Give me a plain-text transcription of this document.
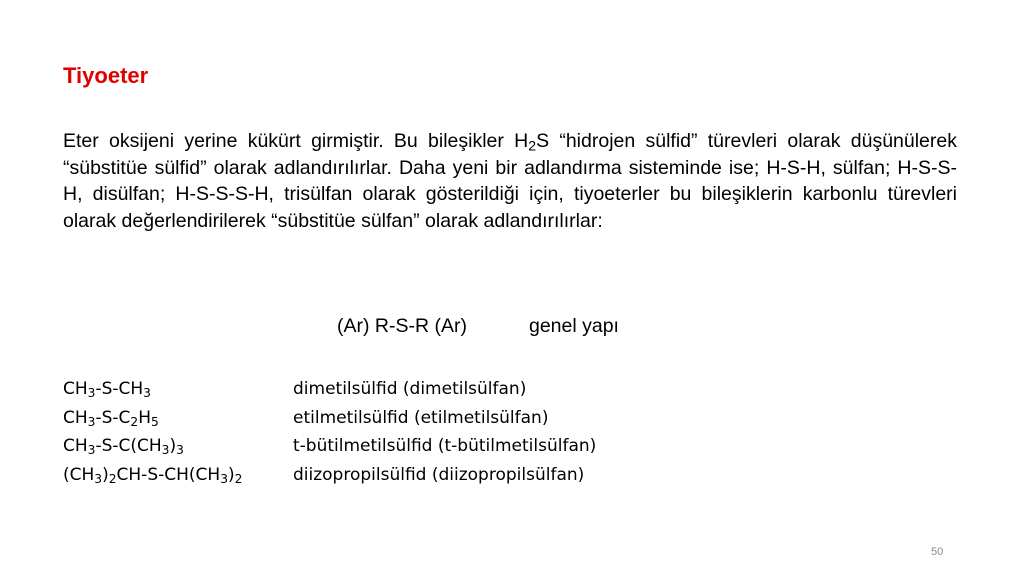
Tiyoeter
Eter oksijeni yerine kükürt girmiştir. Bu bileşikler $H_2S$ “hidrojen sülfid” türevleri olarak düşünülerek “sübstitüe sülfid” olarak adlandırılırlar. Daha yeni bir adlandırma sisteminde ise; H-S-H, sülfan; H-S-S-H, disülfan; H-S-S-S-H, trisülfan olarak gösterildiği için, tiyoeterler bu bileşiklerin karbonlu türevleri olarak değerlendirilerek “sübstitüe sülfan” olarak adlandırılırlar:
(Ar) R-S-R (Ar)	genel yapı
$CH_3-S-CH_3$	dimetilsülfid (dimetilsülfan)
$CH_3-S-C_2H_5$	etilmetilsülfid (etilmetilsülfan)
$CH_3-S-C(CH_3)_3$	t-bütilmetilsülfid (t-bütilmetilsülfan)
$(CH_3)_2CH-S-CH(CH_3)_2$	diizopropilsülfid (diizopropilsülfan)
50
